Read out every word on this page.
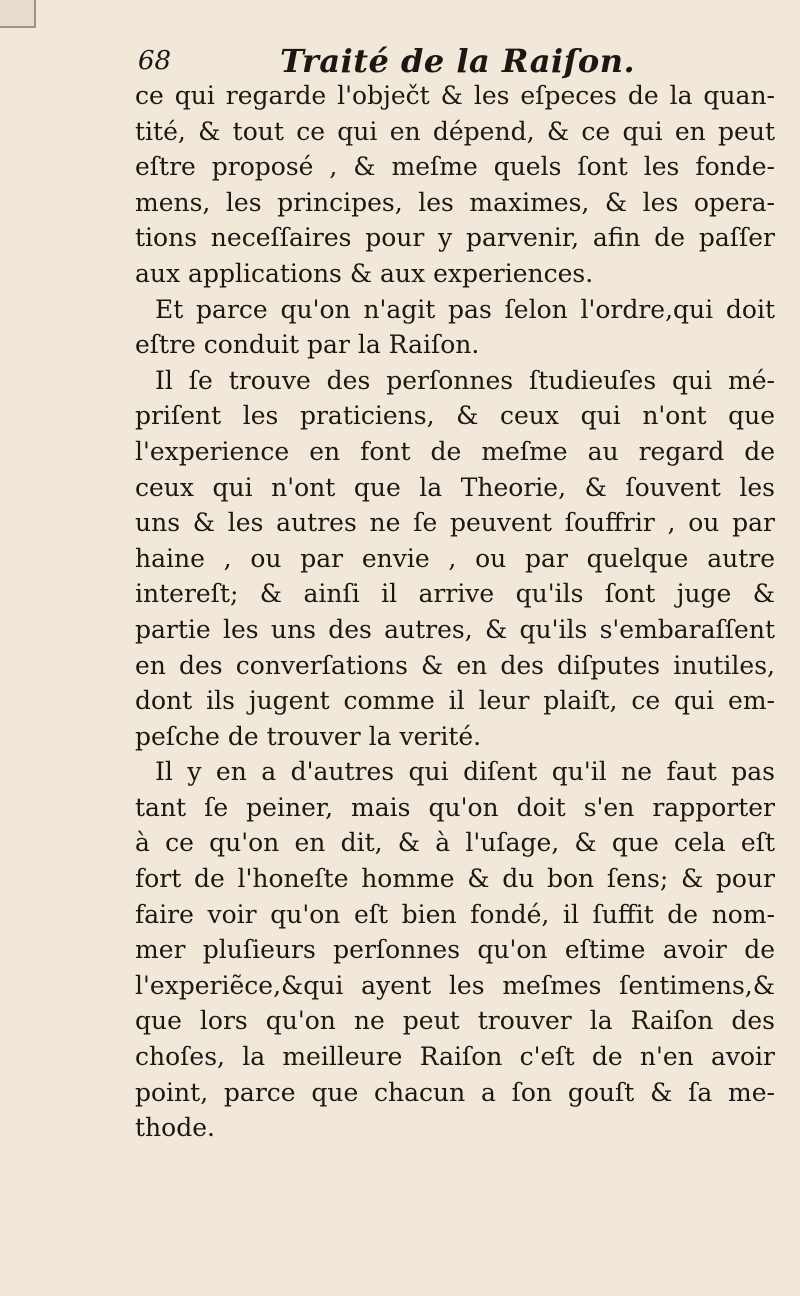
68	Traité de la Raiſon.
ce qui regarde l'obječt & les eſpeces de la quan-
tité, & tout ce qui en dépend, & ce qui en peut
eſtre proposé , & meſme quels ſont les fonde-
mens, les principes, les maximes, & les opera-
tions neceſſaires pour y parvenir, afin de paſſer
aux applications & aux experiences.
Et parce qu'on n'agit pas ſelon l'ordre,qui doit
eſtre conduit par la Raiſon.
Il ſe trouve des perſonnes ſtudieuſes qui mé-
priſent les praticiens, & ceux qui n'ont que
l'experience en font de meſme au regard de
ceux qui n'ont que la Theorie, & ſouvent les
uns & les autres ne ſe peuvent ſouffrir , ou par
haine , ou par envie , ou par quelque autre
intereſt; & ainſi il arrive qu'ils ſont juge &
partie les uns des autres, & qu'ils s'embaraſſent
en des converſations & en des diſputes inutiles,
dont ils jugent comme il leur plaiſt, ce qui em-
peſche de trouver la verité.
Il y en a d'autres qui diſent qu'il ne faut pas
tant ſe peiner, mais qu'on doit s'en rapporter
à ce qu'on en dit, & à l'uſage, & que cela eſt
fort de l'honeſte homme & du bon ſens; & pour
faire voir qu'on eſt bien fondé, il ſuffit de nom-
mer pluſieurs perſonnes qu'on eſtime avoir de
l'experiẽce,&qui ayent les meſmes ſentimens,&
que lors qu'on ne peut trouver la Raiſon des
choſes, la meilleure Raiſon c'eſt de n'en avoir
point, parce que chacun a ſon gouſt & ſa me-
thode.
